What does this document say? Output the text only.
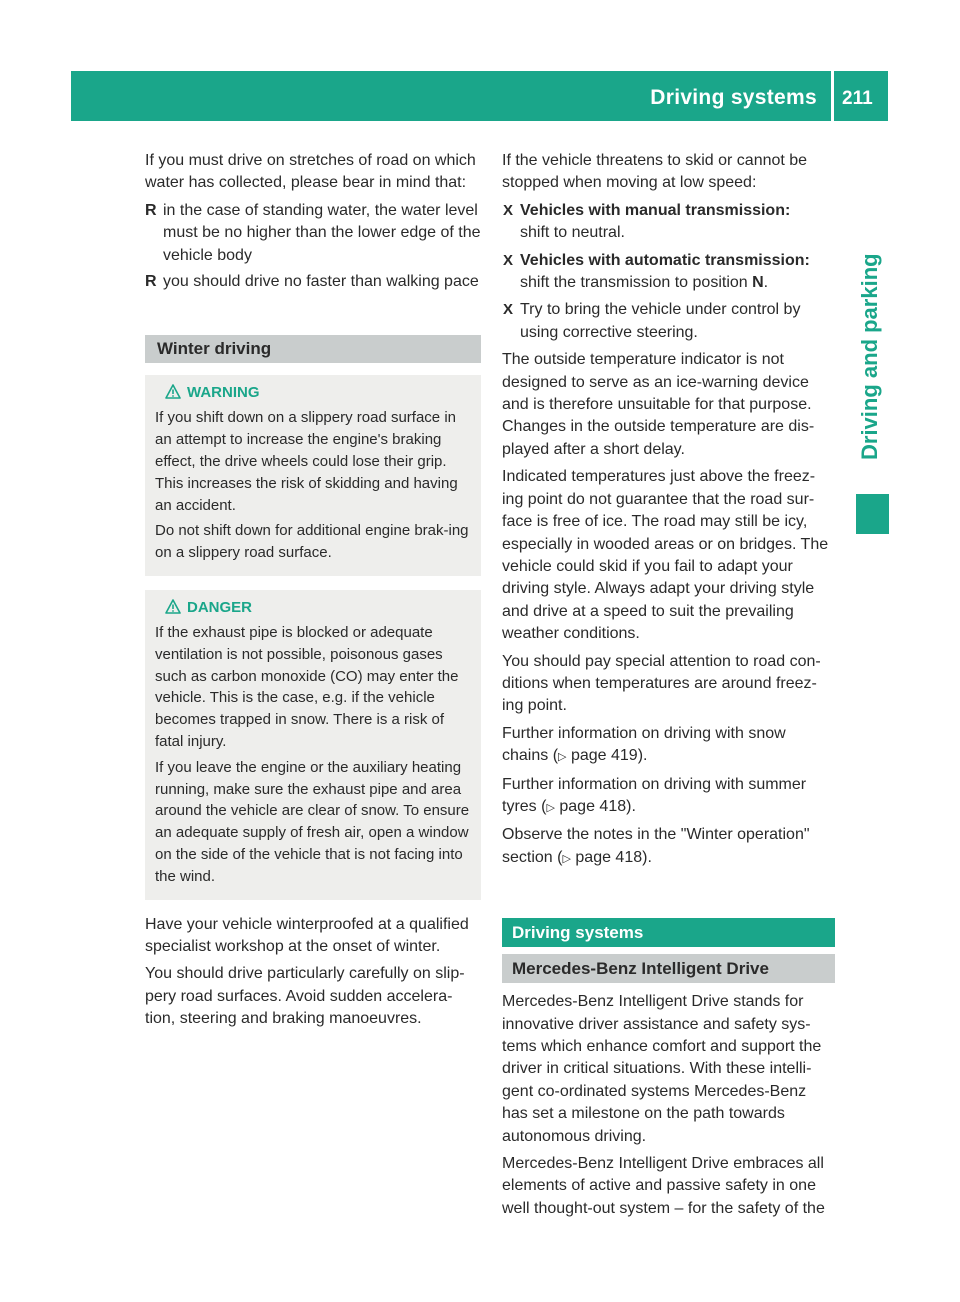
Driving systems 211
Driving and parking

If you must drive on stretches of road on which water has collected, please bear in mind that:

R in the case of standing water, the water level must be no higher than the lower edge of the vehicle body
R you should drive no faster than walking pace
Winter driving
WARNING

If you shift down on a slippery road surface in an attempt to increase the engine's braking effect, the drive wheels could lose their grip. This increases the risk of skidding and having an accident.

Do not shift down for additional engine brak-ing on a slippery road surface.

DANGER

If the exhaust pipe is blocked or adequate ventilation is not possible, poisonous gases such as carbon monoxide (CO) may enter the vehicle. This is the case, e.g. if the vehicle becomes trapped in snow. There is a risk of fatal injury.

If you leave the engine or the auxiliary heating running, make sure the exhaust pipe and area around the vehicle are clear of snow. To ensure an adequate supply of fresh air, open a window on the side of the vehicle that is not facing into the wind.

Have your vehicle winterproofed at a qualified specialist workshop at the onset of winter.

You should drive particularly carefully on slip-pery road surfaces. Avoid sudden accelera-tion, steering and braking manoeuvres.

If the vehicle threatens to skid or cannot be stopped when moving at low speed:

X Vehicles with manual transmission:
shift to neutral.
X Vehicles with automatic transmission:
shift the transmission to position N.
X Try to bring the vehicle under control by using corrective steering.

The outside temperature indicator is not designed to serve as an ice-warning device and is therefore unsuitable for that purpose. Changes in the outside temperature are dis-played after a short delay.

Indicated temperatures just above the freez-ing point do not guarantee that the road sur-face is free of ice. The road may still be icy, especially in wooded areas or on bridges. The vehicle could skid if you fail to adapt your driving style. Always adapt your driving style and drive at a speed to suit the prevailing weather conditions.

You should pay special attention to road con-ditions when temperatures are around freez-ing point.

Further information on driving with snow chains (▷ page 419).

Further information on driving with summer tyres (▷ page 418).

Observe the notes in the "Winter operation" section (▷ page 418).

Driving systems
Mercedes-Benz Intelligent Drive

Mercedes-Benz Intelligent Drive stands for innovative driver assistance and safety sys-tems which enhance comfort and support the driver in critical situations. With these intelli-gent co-ordinated systems Mercedes-Benz has set a milestone on the path towards autonomous driving.

Mercedes-Benz Intelligent Drive embraces all elements of active and passive safety in one well thought-out system – for the safety of the
